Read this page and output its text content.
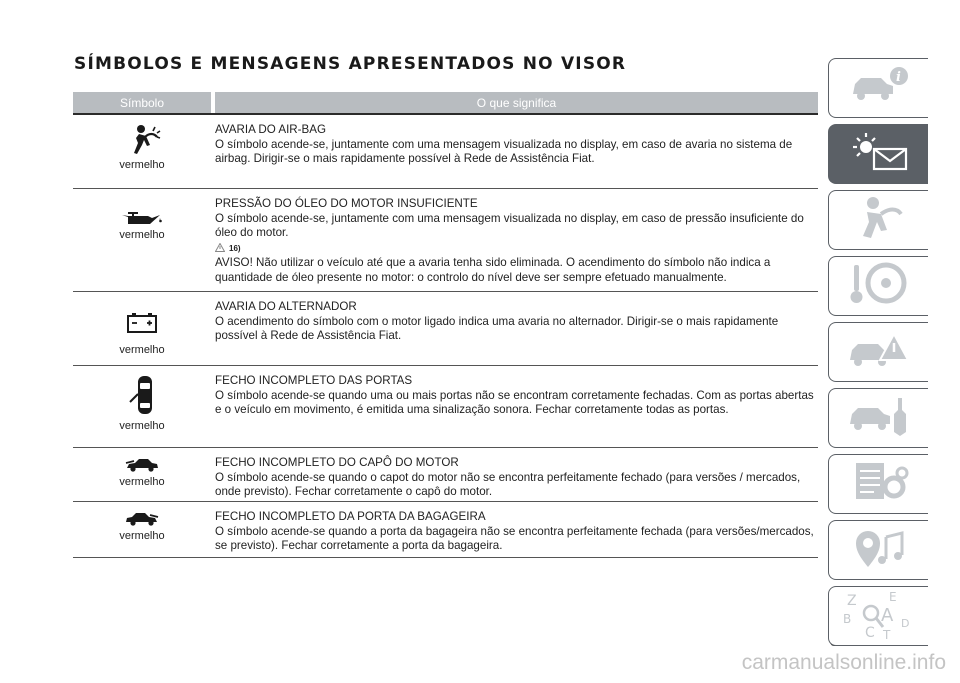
SÍMBOLOS E MENSAGENS APRESENTADOS NO VISOR
Símbolo	O que significa
vermelho
AVARIA DO AIR-BAG
O símbolo acende-se, juntamente com uma mensagem visualizada no display, em caso de avaria no sistema de airbag. Dirigir-se o mais rapidamente possível à Rede de Assistência Fiat.
vermelho
PRESSÃO DO ÓLEO DO MOTOR INSUFICIENTE
O símbolo acende-se, juntamente com uma mensagem visualizada no display, em caso de pressão insuficiente do óleo do motor.
16)
AVISO! Não utilizar o veículo até que a avaria tenha sido eliminada. O acendimento do símbolo não indica a quantidade de óleo presente no motor: o controlo do nível deve ser sempre efetuado manualmente.
vermelho
AVARIA DO ALTERNADOR
O acendimento do símbolo com o motor ligado indica uma avaria no alternador. Dirigir-se o mais rapidamente possível à Rede de Assistência Fiat.
vermelho
FECHO INCOMPLETO DAS PORTAS
O símbolo acende-se quando uma ou mais portas não se encontram corretamente fechadas. Com as portas abertas e o veículo em movimento, é emitida uma sinalização sonora. Fechar corretamente todas as portas.
vermelho
FECHO INCOMPLETO DO CAPÔ DO MOTOR
O símbolo acende-se quando o capot do motor não se encontra perfeitamente fechado (para versões / mercados, onde previsto). Fechar corretamente o capô do motor.
vermelho
FECHO INCOMPLETO DA PORTA DA BAGAGEIRA
O símbolo acende-se quando a porta da bagageira não se encontra perfeitamente fechada (para versões/mercados, se previsto). Fechar corretamente a porta da bagageira.
i
Z	E
B A D
C T
carmanualsonline.info
